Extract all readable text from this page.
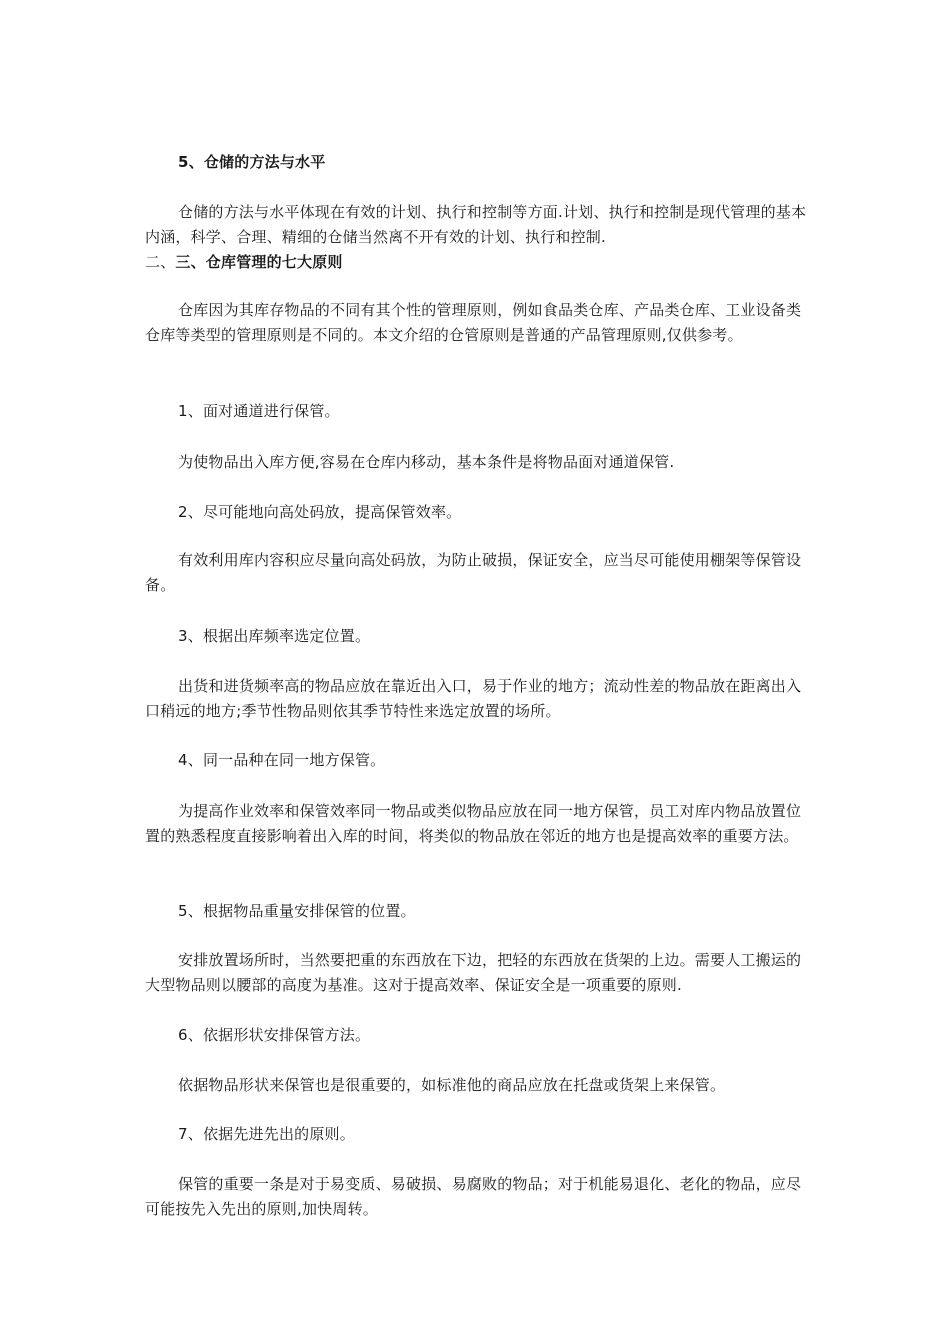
5、仓储的方法与水平

仓储的方法与水平体现在有效的计划、执行和控制等方面.计划、执行和控制是现代管理的基本内涵，科学、合理、精细的仓储当然离不开有效的计划、执行和控制.

二、三、仓库管理的七大原则

仓库因为其库存物品的不同有其个性的管理原则，例如食品类仓库、产品类仓库、工业设备类仓库等类型的管理原则是不同的。本文介绍的仓管原则是普通的产品管理原则,仅供参考。

1、面对通道进行保管。

为使物品出入库方便,容易在仓库内移动，基本条件是将物品面对通道保管.

2、尽可能地向高处码放，提高保管效率。

有效利用库内容积应尽量向高处码放，为防止破损，保证安全，应当尽可能使用棚架等保管设备。

3、根据出库频率选定位置。

出货和进货频率高的物品应放在靠近出入口，易于作业的地方；流动性差的物品放在距离出入口稍远的地方;季节性物品则依其季节特性来选定放置的场所。

4、同一品种在同一地方保管。

为提高作业效率和保管效率同一物品或类似物品应放在同一地方保管，员工对库内物品放置位置的熟悉程度直接影响着出入库的时间，将类似的物品放在邻近的地方也是提高效率的重要方法。

5、根据物品重量安排保管的位置。

安排放置场所时，当然要把重的东西放在下边，把轻的东西放在货架的上边。需要人工搬运的大型物品则以腰部的高度为基准。这对于提高效率、保证安全是一项重要的原则.

6、依据形状安排保管方法。

依据物品形状来保管也是很重要的，如标准他的商品应放在托盘或货架上来保管。

7、依据先进先出的原则。

保管的重要一条是对于易变质、易破损、易腐败的物品；对于机能易退化、老化的物品，应尽可能按先入先出的原则,加快周转。
